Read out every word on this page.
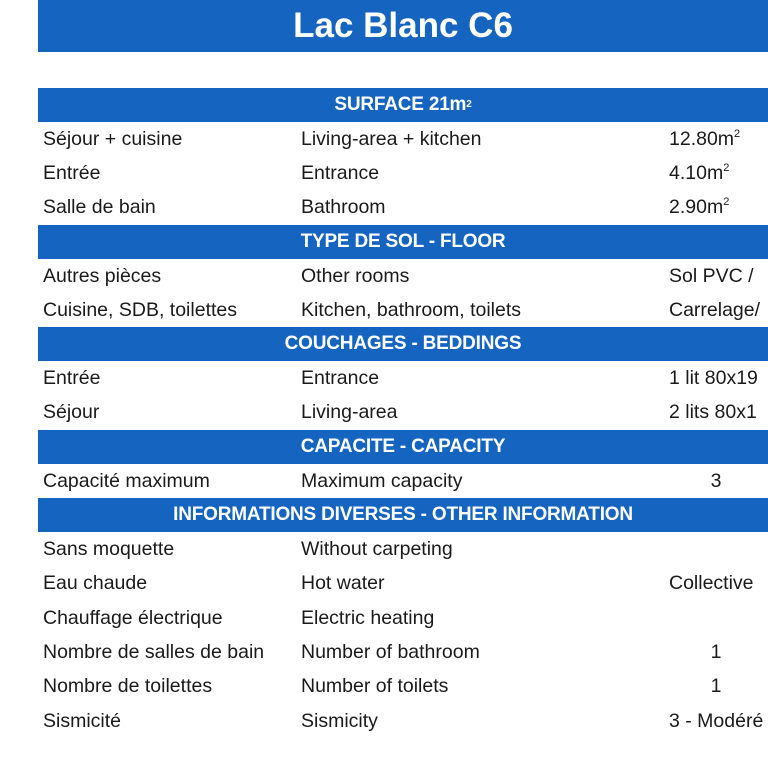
Lac Blanc C6
SURFACE 21m 2
Séjour + cuisine	Living-area + kitchen	$12.80m^2$
Entrée	Entrance	$4.10m^2$
Salle de bain	Bathroom	$2.90m^2$
TYPE DE SOL - FLOOR
Autres pièces	Other rooms	Sol PVC /
Cuisine, SDB, toilettes	Kitchen, bathroom, toilets	Carrelage/
COUCHAGES - BEDDINGS
Entrée	Entrance	1 lit 80x19
Séjour	Living-area	2 lits 80x1
CAPACITE - CAPACITY
Capacité maximum	Maximum capacity	3
INFORMATIONS DIVERSES - OTHER INFORMATION
Sans moquette	Without carpeting
Eau chaude	Hot water	Collective
Chauffage électrique	Electric heating
Nombre de salles de bain	Number of bathroom	1
Nombre de toilettes	Number of toilets	1
Sismicité	Sismicity	3 - Modéré
